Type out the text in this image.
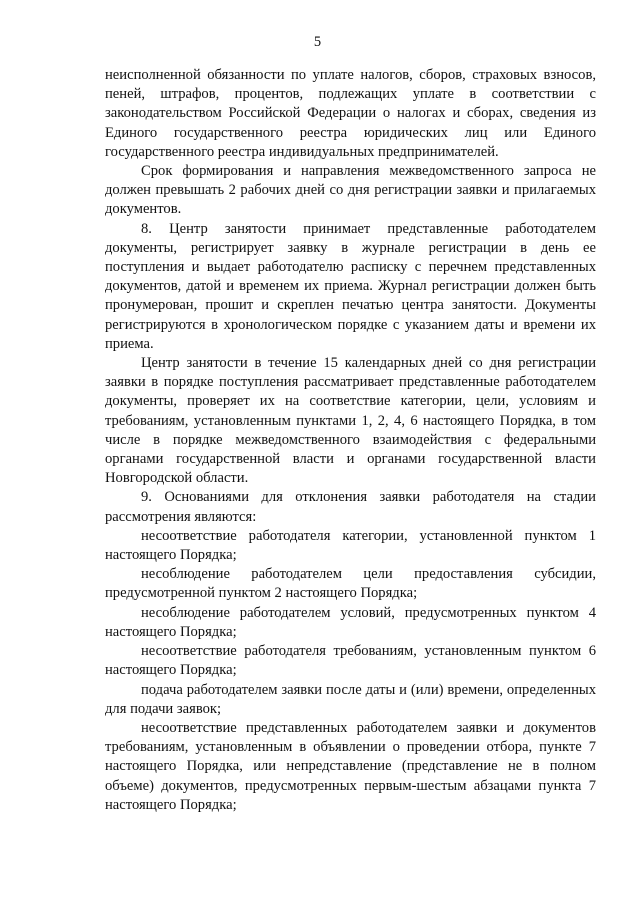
5

неисполненной обязанности по уплате налогов, сборов, страховых взносов, пеней, штрафов, процентов, подлежащих уплате в соответствии с законодательством Российской Федерации о налогах и сборах, сведения из Единого государственного реестра юридических лиц или Единого государственного реестра индивидуальных предпринимателей.

Срок формирования и направления межведомственного запроса не должен превышать 2 рабочих дней со дня регистрации заявки и прилагаемых документов.

8. Центр занятости принимает представленные работодателем документы, регистрирует заявку в журнале регистрации в день ее поступления и выдает работодателю расписку с перечнем представленных документов, датой и временем их приема. Журнал регистрации должен быть пронумерован, прошит и скреплен печатью центра занятости. Документы регистрируются в хронологическом порядке с указанием даты и времени их приема.

Центр занятости в течение 15 календарных дней со дня регистрации заявки в порядке поступления рассматривает представленные работодателем документы, проверяет их на соответствие категории, цели, условиям и требованиям, установленным пунктами 1, 2, 4, 6 настоящего Порядка, в том числе в порядке межведомственного взаимодействия с федеральными органами государственной власти и органами государственной власти Новгородской области.

9. Основаниями для отклонения заявки работодателя на стадии рассмотрения являются:

несоответствие работодателя категории, установленной пунктом 1 настоящего Порядка;

несоблюдение работодателем цели предоставления субсидии, предусмотренной пунктом 2 настоящего Порядка;

несоблюдение работодателем условий, предусмотренных пунктом 4 настоящего Порядка;

несоответствие работодателя требованиям, установленным пунктом 6 настоящего Порядка;

подача работодателем заявки после даты и (или) времени, определенных для подачи заявок;

несоответствие представленных работодателем заявки и документов требованиям, установленным в объявлении о проведении отбора, пункте 7 настоящего Порядка, или непредставление (представление не в полном объеме) документов, предусмотренных первым-шестым абзацами пункта 7 настоящего Порядка;
